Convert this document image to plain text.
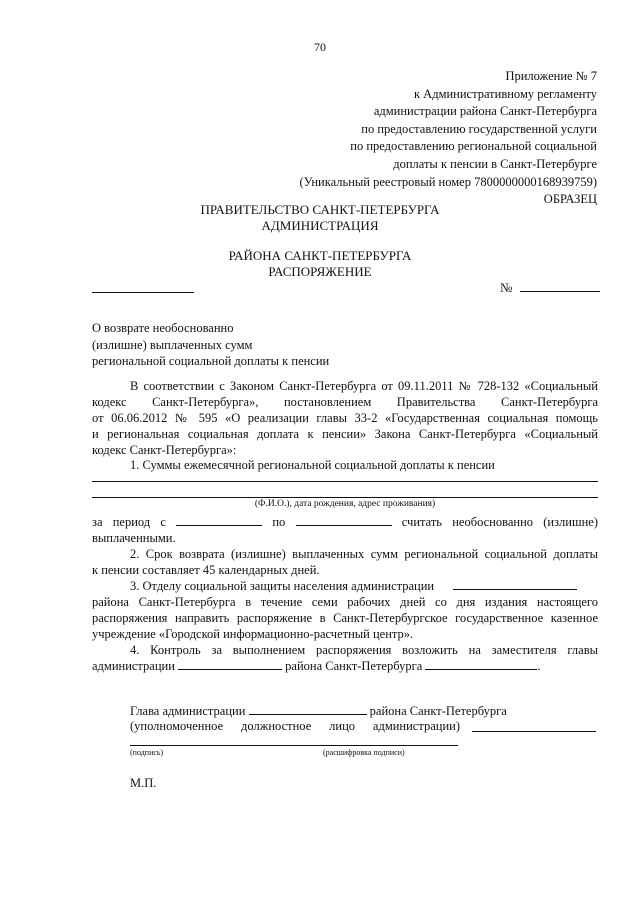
70
Приложение № 7
к Административному регламенту
администрации района Санкт-Петербурга
по предоставлению государственной услуги
по предоставлению региональной социальной
доплаты к пенсии в Санкт-Петербурге
(Уникальный реестровый номер 7800000000168939759)
ОБРАЗЕЦ
ПРАВИТЕЛЬСТВО САНКТ-ПЕТЕРБУРГА
АДМИНИСТРАЦИЯ
РАЙОНА САНКТ-ПЕТЕРБУРГА
РАСПОРЯЖЕНИЕ
№
О возврате необоснованно
(излишне) выплаченных сумм
региональной социальной доплаты к пенсии
В соответствии с Законом Санкт-Петербурга от 09.11.2011 № 728-132 «Социальный
кодекс Санкт-Петербурга», постановлением Правительства Санкт-Петербурга
от 06.06.2012 № 595 «О реализации главы 33-2 «Государственная социальная помощь
и региональная социальная доплата к пенсии» Закона Санкт-Петербурга «Социальный
кодекс Санкт-Петербурга»:
1. Суммы ежемесячной региональной социальной доплаты к пенсии
(Ф.И.О.), дата рождения, адрес проживания)
за период с	по	считать необоснованно (излишне)
выплаченными.
2. Срок возврата (излишне) выплаченных сумм региональной социальной доплаты
к пенсии составляет 45 календарных дней.
3. Отделу социальной защиты населения администрации
района Санкт-Петербурга в течение семи рабочих дней со дня издания настоящего
распоряжения направить распоряжение в Санкт-Петербургское государственное казенное
учреждение «Городской информационно-расчетный центр».
4. Контроль за выполнением распоряжения возложить на заместителя главы
администрации	района Санкт-Петербурга	.
Глава администрации	района Санкт-Петербурга
(уполномоченное должностное лицо администрации)
(подпись)	(расшифровка подписи)
М.П.
